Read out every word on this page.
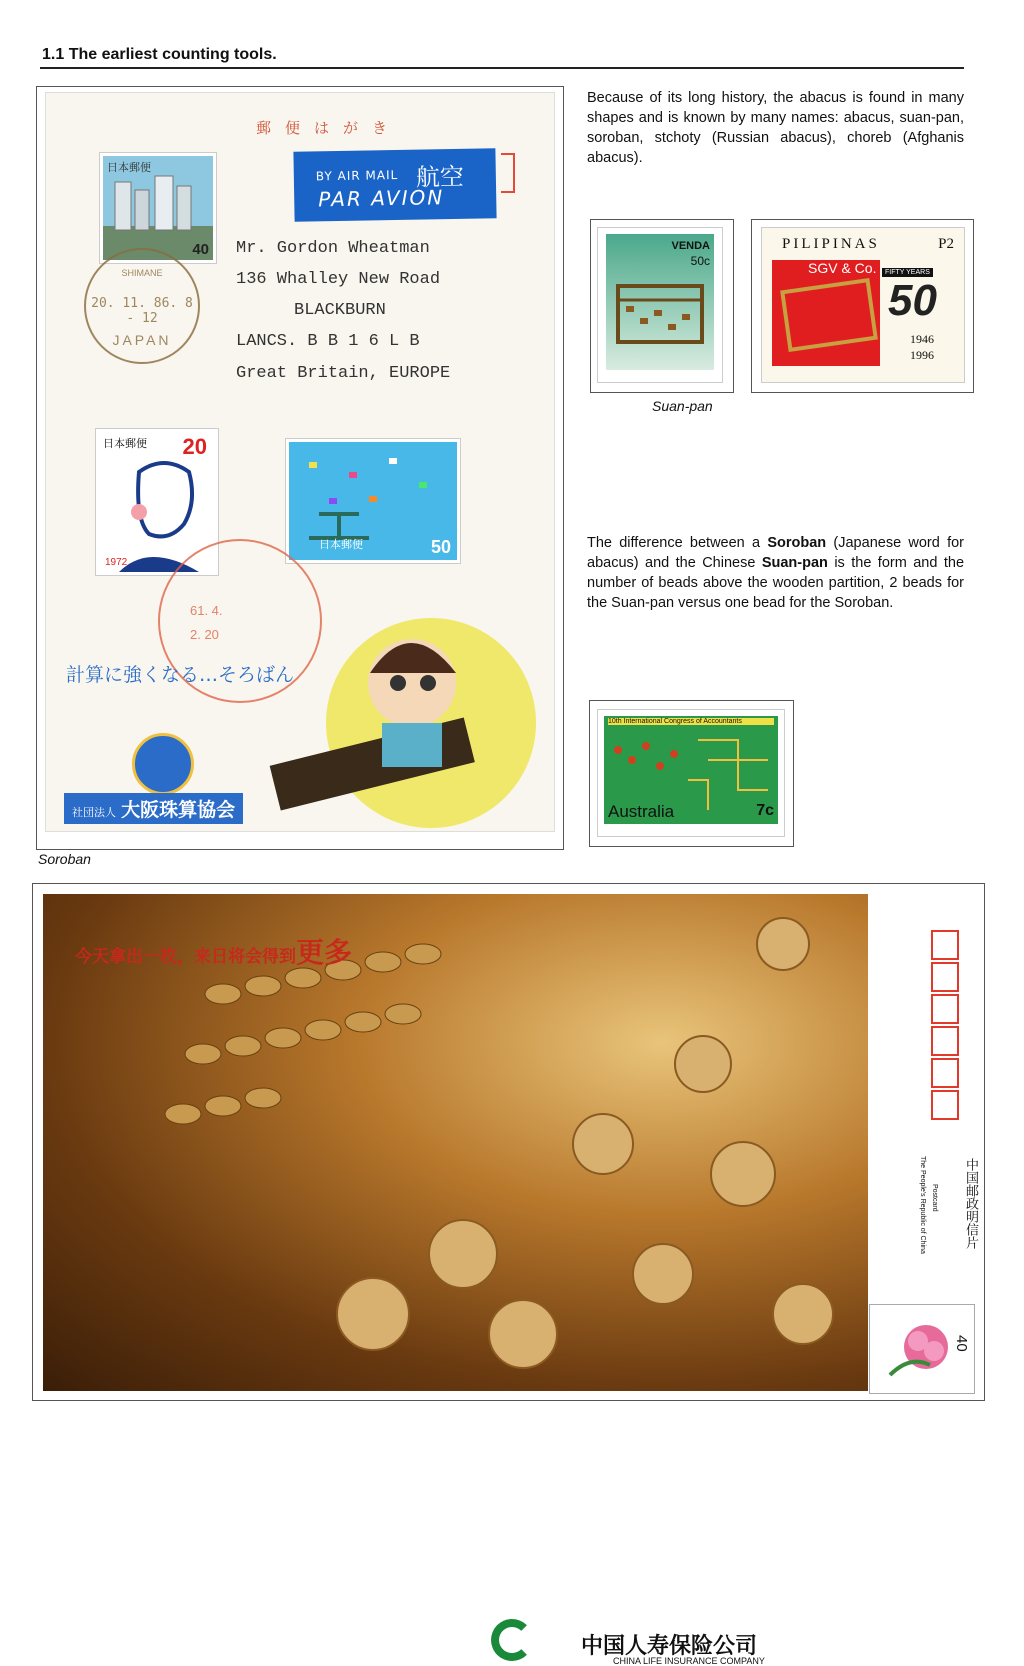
1.1 The earliest counting tools.
郵便はがき
BY AIR MAIL 航空
PAR AVION
日本郵便
40
20. 11. 86. 8 - 12
SHIMANE
JAPAN
Mr. Gordon Wheatman
136 Whalley New Road
BLACKBURN
LANCS. B B 1 6 L B
Great Britain, EUROPE
日本郵便 20
1972
日本郵便	50
61. 4.
2. 20
計算に強くなる…そろばん
社団法人 大阪珠算協会
Soroban
Because of its long history, the abacus is found in many shapes and is known by many names: abacus, suan-pan, soroban, stchoty (Russian abacus), choreb (Afghanis abacus).
VENDA
50c
PILIPINAS	P2
SGV & Co.	FIFTY YEARS
50
1946
1996
Suan-pan
The difference between a Soroban (Japanese word for abacus) and the Chinese Suan-pan is the form and the number of beads above the wooden partition, 2 beads for the Suan-pan versus one bead for the Soroban.
10th International Congress of Accountants
Australia	7c
今天拿出一枚，来日将会得到更多
中国人寿保险公司
CHINA LIFE INSURANCE COMPANY
中国邮政明信片
The People's Republic of China Postcard
40
